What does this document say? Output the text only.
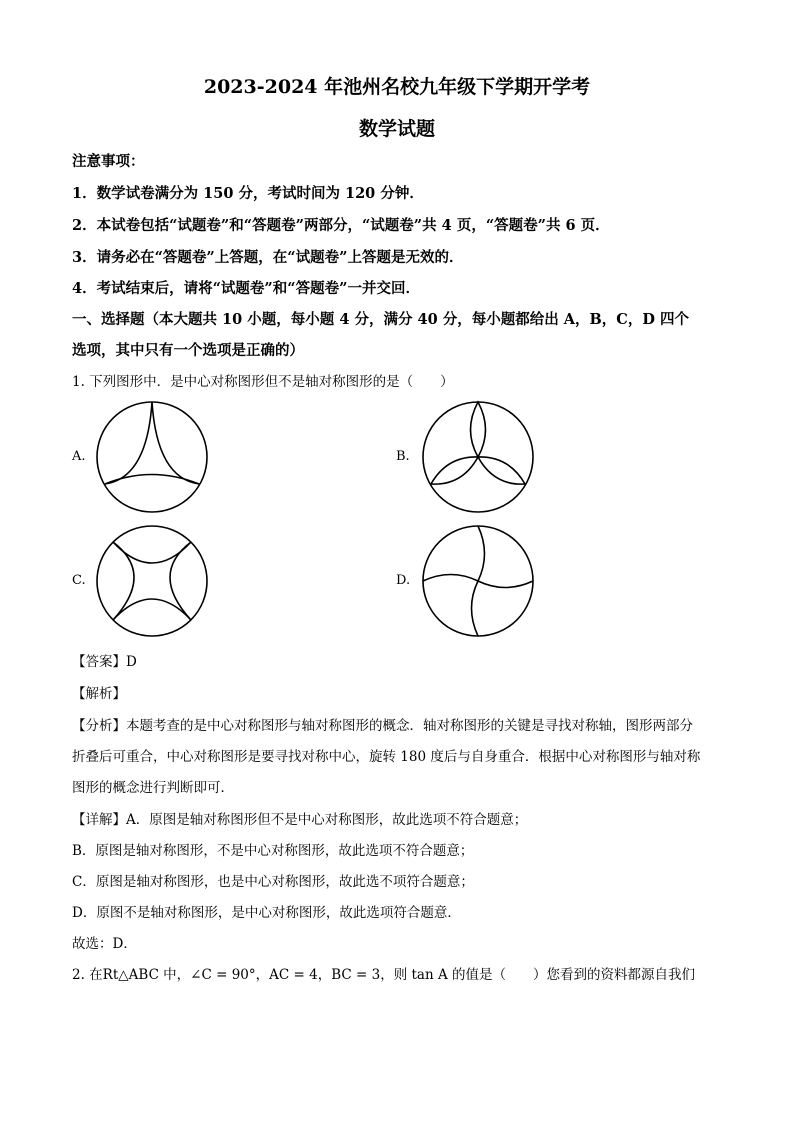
2023-2024 年池州名校九年级下学期开学考
数学试题
注意事项：
1．数学试卷满分为 150 分，考试时间为 120 分钟．
2．本试卷包括“试题卷”和“答题卷”两部分，“试题卷”共 4 页，“答题卷”共 6 页．
3．请务必在“答题卷”上答题，在“试题卷”上答题是无效的．
4．考试结束后，请将“试题卷”和“答题卷”一并交回．
一、选择题（本大题共 10 小题，每小题 4 分，满分 40 分，每小题都给出 A，B，C，D 四个
选项，其中只有一个选项是正确的）
1. 下列图形中．是中心对称图形但不是轴对称图形的是（　　）
A.	B.
C.	D.
【答案】D
【解析】
【分析】本题考查的是中心对称图形与轴对称图形的概念．轴对称图形的关键是寻找对称轴，图形两部分
折叠后可重合，中心对称图形是要寻找对称中心，旋转 180 度后与自身重合．根据中心对称图形与轴对称
图形的概念进行判断即可．
【详解】A．原图是轴对称图形但不是中心对称图形，故此选项不符合题意；
B．原图是轴对称图形，不是中心对称图形，故此选项不符合题意；
C．原图是轴对称图形，也是中心对称图形，故此选不项符合题意；
D．原图不是轴对称图形，是中心对称图形，故此选项符合题意．
故选：D．
2. 在Rt△ABC 中，∠C = 90°，AC = 4，BC = 3，则 tan A 的值是（　　）您看到的资料都源自我们
